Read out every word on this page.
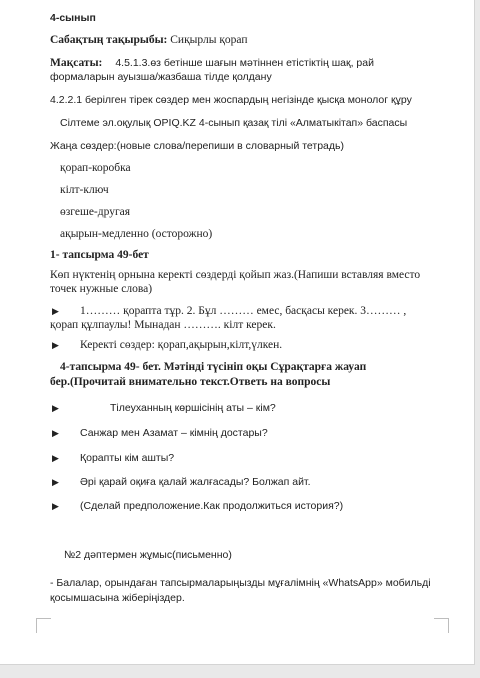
4-сынып
Сабақтың тақырыбы: Сиқырлы қорап
Мақсаты: 4.5.1.3.өз бетінше шағын мәтіннен етістіктің шақ, рай
формаларын ауызша/жазбаша тілде қолдану
4.2.2.1 берілген тірек сөздер мен жоспардың негізінде қысқа монолог құру
Сілтеме эл.оқулық OPIQ.KZ 4-сынып қазақ тілі «Алматыкітап» баспасы
Жаңа сөздер:(новые слова/перепиши в словарный тетрадь)
қорап-коробка
кілт-ключ
өзгеше-другая
ақырын-медленно (осторожно)
1- тапсырма 49-бет
Көп нүктенің орнына керекті сөздерді қойып жаз.(Напиши вставляя вместо
точек нужные слова)
▶ 1……… қорапта тұр. 2. Бұл ……… емес, басқасы керек. 3……… ,
қорап құлпаулы! Мынадан ………. кілт керек.
▶ Керекті сөздер: қорап,ақырын,кілт,үлкен.
4-тапсырма 49- бет. Мәтінді түсініп оқы Сұрақтарға жауап
бер.(Прочитай внимательно текст.Ответь на вопросы
▶	Тілеуханның көршісінің аты – кім?
▶ Санжар мен Азамат – кімнің достары?
▶ Қорапты кім ашты?
▶ Әрі қарай оқиға қалай жалғасады? Болжап айт.
▶ (Сделай предположение.Как продолжиться история?)
№2 дәптермен жұмыс(письменно)
- Балалар, орындаған тапсырмаларыңызды мұғалімнің «WhatsApp» мобильді
қосымшасына жіберіңіздер.
